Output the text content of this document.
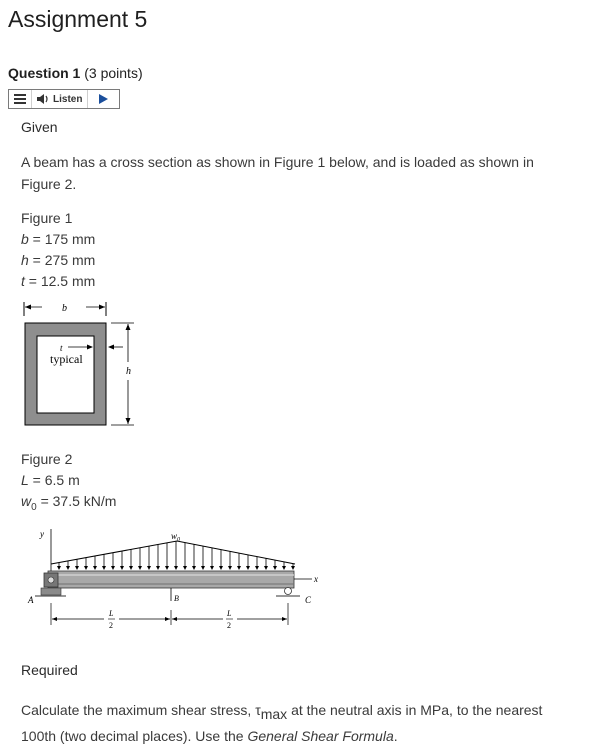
Assignment 5
Question 1 (3 points)
Listen
Given
A beam has a cross section as shown in Figure 1 below, and is loaded as shown in Figure 2.
Figure 1
b = 175 mm
h = 275 mm
t = 12.5 mm
b
t
typical
h
Figure 2
L = 6.5 m
$w_0 = 37.5$ kN/m
y	$w_0$
x
A	C
B
L
2
L
2
Required
Calculate the maximum shear stress, $\tau_{max}$ at the neutral axis in MPa, to the nearest 100th (two decimal places). Use the General Shear Formula.
